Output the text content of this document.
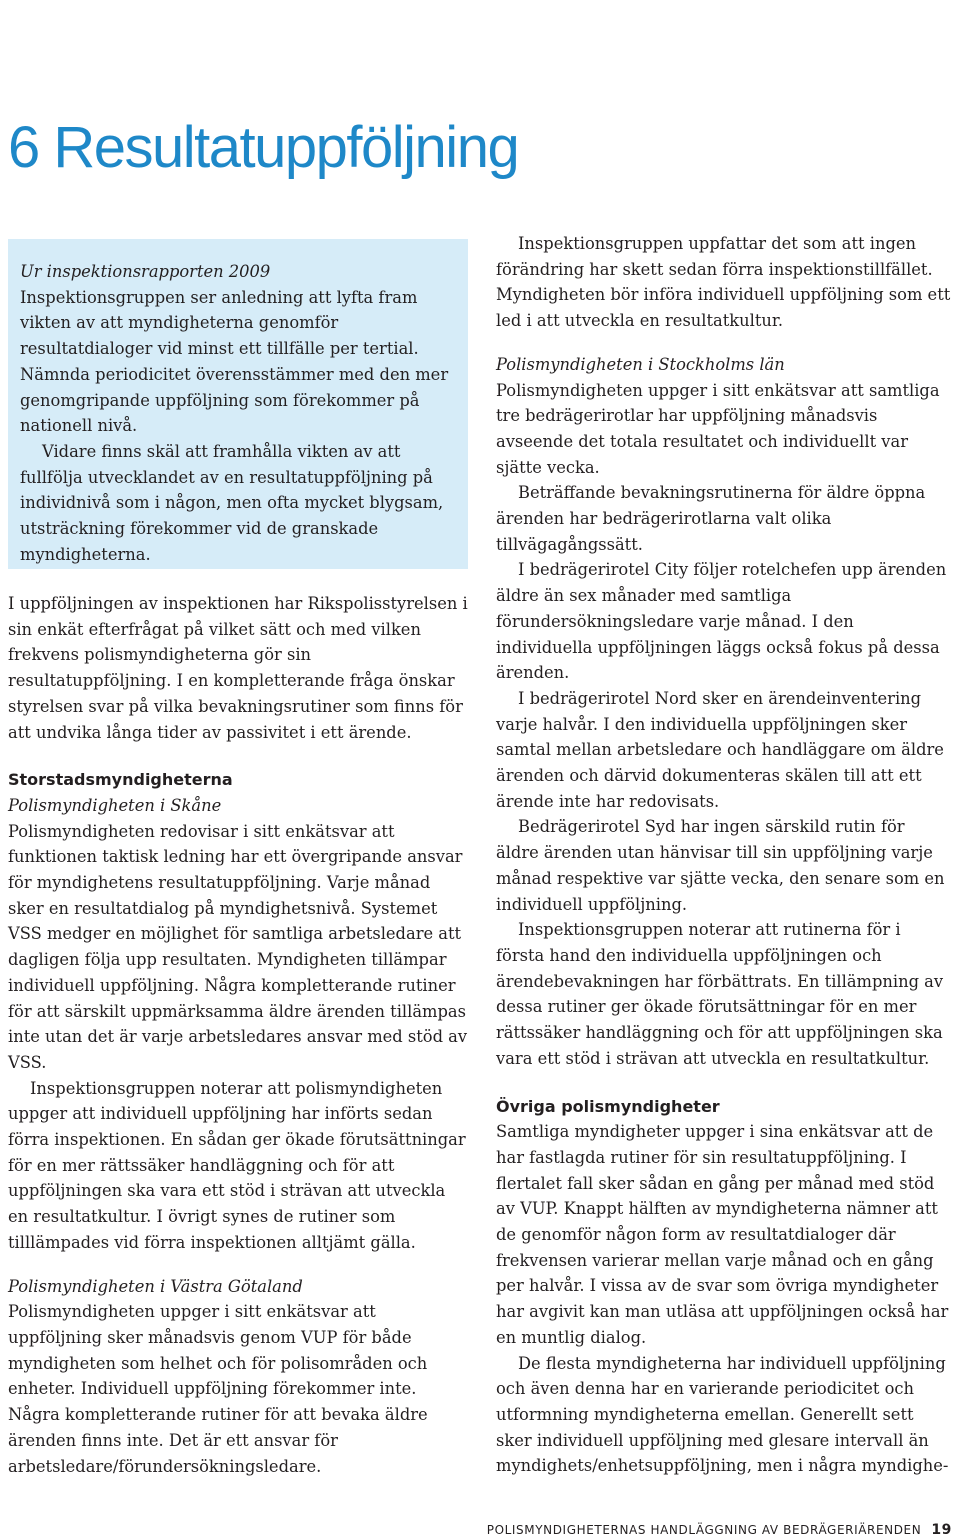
6 Resultatuppföljning

Ur inspektionsrapporten 2009

Inspektionsgruppen ser anledning att lyfta fram vikten av att myndigheterna genomför resultatdialoger vid minst ett tillfälle per tertial. Nämnda periodicitet överensstämmer med den mer genomgripande uppföljning som förekommer på nationell nivå.

Vidare finns skäl att framhålla vikten av att fullfölja utvecklandet av en resultatuppföljning på individnivå som i någon, men ofta mycket blygsam, utsträckning förekommer vid de granskade myndigheterna.

I uppföljningen av inspektionen har Rikspolisstyrelsen i sin enkät efterfrågat på vilket sätt och med vilken frekvens polismyndigheterna gör sin resultatuppföljning. I en kompletterande fråga önskar styrelsen svar på vilka bevakningsrutiner som finns för att undvika långa tider av passivitet i ett ärende.

Storstadsmyndigheterna

Polismyndigheten i Skåne

Polismyndigheten redovisar i sitt enkätsvar att funktionen taktisk ledning har ett övergripande ansvar för myndighetens resultatuppföljning. Varje månad sker en resultatdialog på myndighetsnivå. Systemet VSS medger en möjlighet för samtliga arbetsledare att dagligen följa upp resultaten. Myndigheten tillämpar individuell uppföljning. Några kompletterande rutiner för att särskilt uppmärksamma äldre ärenden tillämpas inte utan det är varje arbetsledares ansvar med stöd av VSS.

Inspektionsgruppen noterar att polismyndigheten uppger att individuell uppföljning har införts sedan förra inspektionen. En sådan ger ökade förutsättningar för en mer rättssäker handläggning och för att uppföljningen ska vara ett stöd i strävan att utveckla en resultatkultur. I övrigt synes de rutiner som tilllämpades vid förra inspektionen alltjämt gälla.

Polismyndigheten i Västra Götaland

Polismyndigheten uppger i sitt enkätsvar att uppföljning sker månadsvis genom VUP för både myndigheten som helhet och för polisområden och enheter. Individuell uppföljning förekommer inte. Några kompletterande rutiner för att bevaka äldre ärenden finns inte. Det är ett ansvar för arbetsledare/förundersökningsledare.

Inspektionsgruppen uppfattar det som att ingen förändring har skett sedan förra inspektionstillfället. Myndigheten bör införa individuell uppföljning som ett led i att utveckla en resultatkultur.

Polismyndigheten i Stockholms län

Polismyndigheten uppger i sitt enkätsvar att samtliga tre bedrägerirotlar har uppföljning månadsvis avseende det totala resultatet och individuellt var sjätte vecka.

Beträffande bevakningsrutinerna för äldre öppna ärenden har bedrägerirotlarna valt olika tillvägagångssätt.

I bedrägerirotel City följer rotelchefen upp ärenden äldre än sex månader med samtliga förundersökningsledare varje månad. I den individuella uppföljningen läggs också fokus på dessa ärenden.

I bedrägerirotel Nord sker en ärendeinventering varje halvår. I den individuella uppföljningen sker samtal mellan arbetsledare och handläggare om äldre ärenden och därvid dokumenteras skälen till att ett ärende inte har redovisats.

Bedrägerirotel Syd har ingen särskild rutin för äldre ärenden utan hänvisar till sin uppföljning varje månad respektive var sjätte vecka, den senare som en individuell uppföljning.

Inspektionsgruppen noterar att rutinerna för i första hand den individuella uppföljningen och ärendebevakningen har förbättrats. En tillämpning av dessa rutiner ger ökade förutsättningar för en mer rättssäker handläggning och för att uppföljningen ska vara ett stöd i strävan att utveckla en resultatkultur.

Övriga polismyndigheter

Samtliga myndigheter uppger i sina enkätsvar att de har fastlagda rutiner för sin resultatuppföljning. I flertalet fall sker sådan en gång per månad med stöd av VUP. Knappt hälften av myndigheterna nämner att de genomför någon form av resultatdialoger där frekvensen varierar mellan varje månad och en gång per halvår. I vissa av de svar som övriga myndigheter har avgivit kan man utläsa att uppföljningen också har en muntlig dialog.

De flesta myndigheterna har individuell uppföljning och även denna har en varierande periodicitet och utformning myndigheterna emellan. Generellt sett sker individuell uppföljning med glesare intervall än myndighets/enhetsuppföljning, men i några myndighe-

POLISMYNDIGHETERNAS HANDLÄGGNING AV BEDRÄGERIÄRENDEN 19
